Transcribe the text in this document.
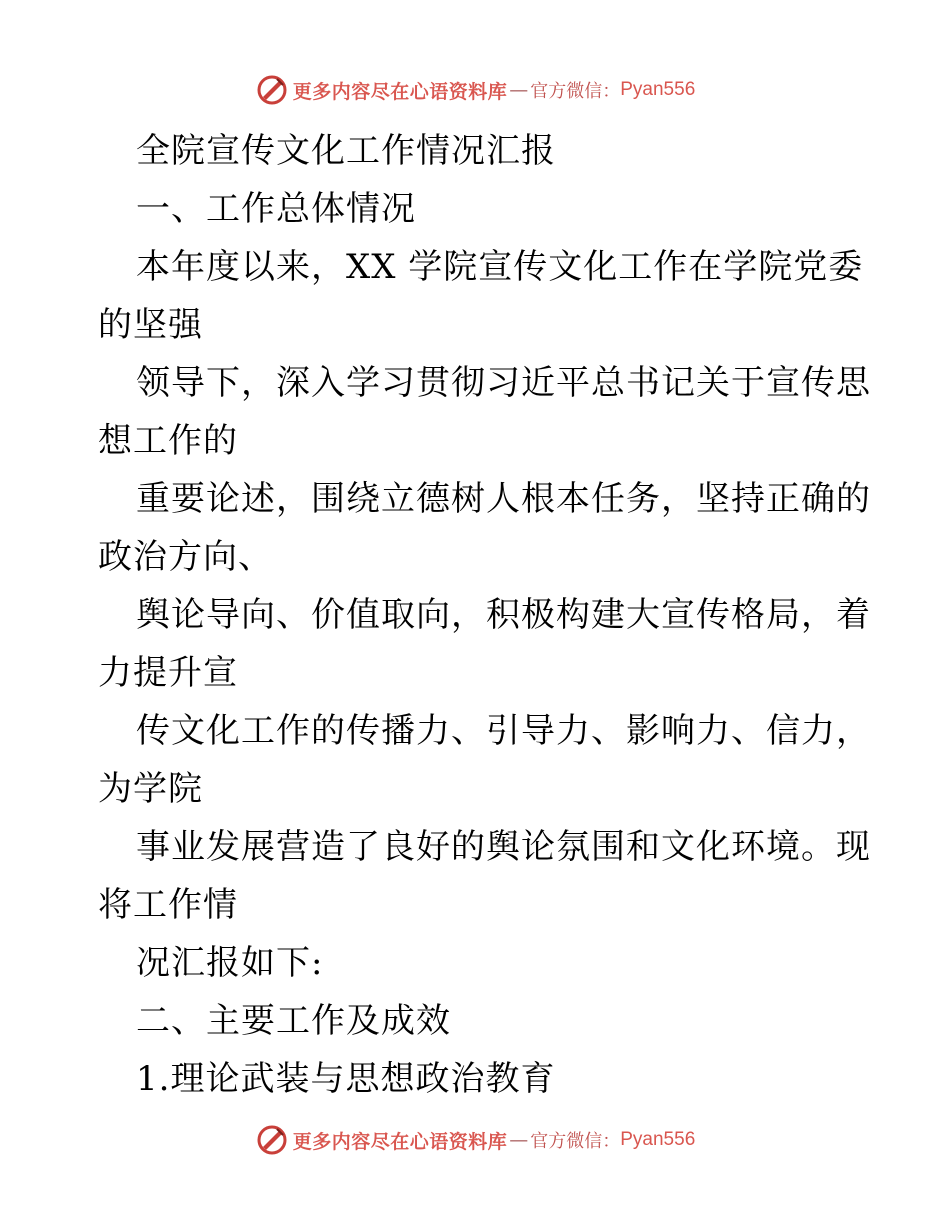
更多内容尽在心语资料库 — 官方微信： Pyan556
全院宣传文化工作情况汇报
一、工作总体情况
本年度以来，XX 学院宣传文化工作在学院党委
的坚强
领导下，深入学习贯彻习近平总书记关于宣传思
想工作的
重要论述，围绕立德树人根本任务，坚持正确的
政治方向、
舆论导向、价值取向，积极构建大宣传格局，着
力提升宣
传文化工作的传播力、引导力、影响力、信力，
为学院
事业发展营造了良好的舆论氛围和文化环境。现
将工作情
况汇报如下:
二、主要工作及成效
1.理论武装与思想政治教育
更多内容尽在心语资料库 — 官方微信： Pyan556
